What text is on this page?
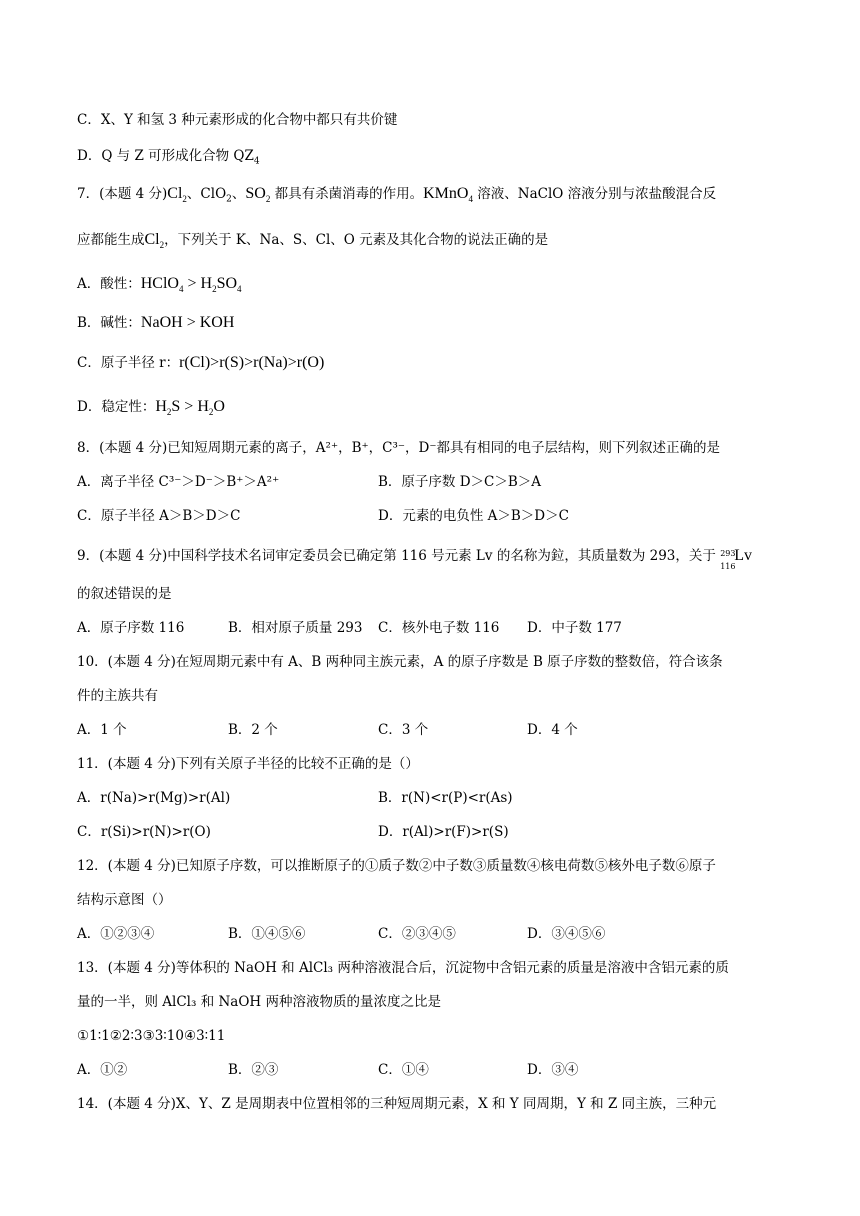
C．X、Y 和氢 3 种元素形成的化合物中都只有共价键
D．Q 与 Z 可形成化合物 $QZ_4$
7．(本题 4 分)$Cl_2$、ClO$_2$、$SO_2$ 都具有杀菌消毒的作用。KMnO$_4$ 溶液、NaClO 溶液分别与浓盐酸混合反
应都能生成$Cl_2$，下列关于 K、Na、S、Cl、O 元素及其化合物的说法正确的是
A．酸性：HClO$_4$ > $H_2SO_4$
B．碱性：NaOH > KOH
C．原子半径 r：r(Cl)>r(S)>r(Na)>r(O)
D．稳定性：$H_2S > H_2O$
8．(本题 4 分)已知短周期元素的离子，A²⁺，B⁺，C³⁻，D⁻都具有相同的电子层结构，则下列叙述正确的是
A．离子半径 C³⁻＞D⁻＞B⁺＞A²⁺	B．原子序数 D＞C＞B＞A
C．原子半径 A＞B＞D＞C	D．元素的电负性 A＞B＞D＞C
9．(本题 4 分)中国科学技术名词审定委员会已确定第 116 号元素 Lv 的名称为鉝，其质量数为 293，关于 293
116
Lv
的叙述错误的是
A．原子序数 116	B．相对原子质量 293 C．核外电子数 116 D．中子数 177
10．(本题 4 分)在短周期元素中有 A、B 两种同主族元素，A 的原子序数是 B 原子序数的整数倍，符合该条
件的主族共有
A．1 个	B．2 个	C．3 个	D．4 个
11．(本题 4 分)下列有关原子半径的比较不正确的是（）
A．r(Na)>r(Mg)>r(Al)	B．r(N)<r(P)<r(As)
C．r(Si)>r(N)>r(O)	D．r(Al)>r(F)>r(S)
12．(本题 4 分)已知原子序数，可以推断原子的①质子数②中子数③质量数④核电荷数⑤核外电子数⑥原子
结构示意图（）
A．①②③④	B．①④⑤⑥	C．②③④⑤	D．③④⑤⑥
13．(本题 4 分)等体积的 NaOH 和 AlCl₃ 两种溶液混合后，沉淀物中含铝元素的质量是溶液中含铝元素的质
量的一半，则 AlCl₃ 和 NaOH 两种溶液物质的量浓度之比是
①1∶1②2∶3③3∶10④3∶11
A．①②	B．②③	C．①④	D．③④
14．(本题 4 分)X、Y、Z 是周期表中位置相邻的三种短周期元素，X 和 Y 同周期，Y 和 Z 同主族，三种元
